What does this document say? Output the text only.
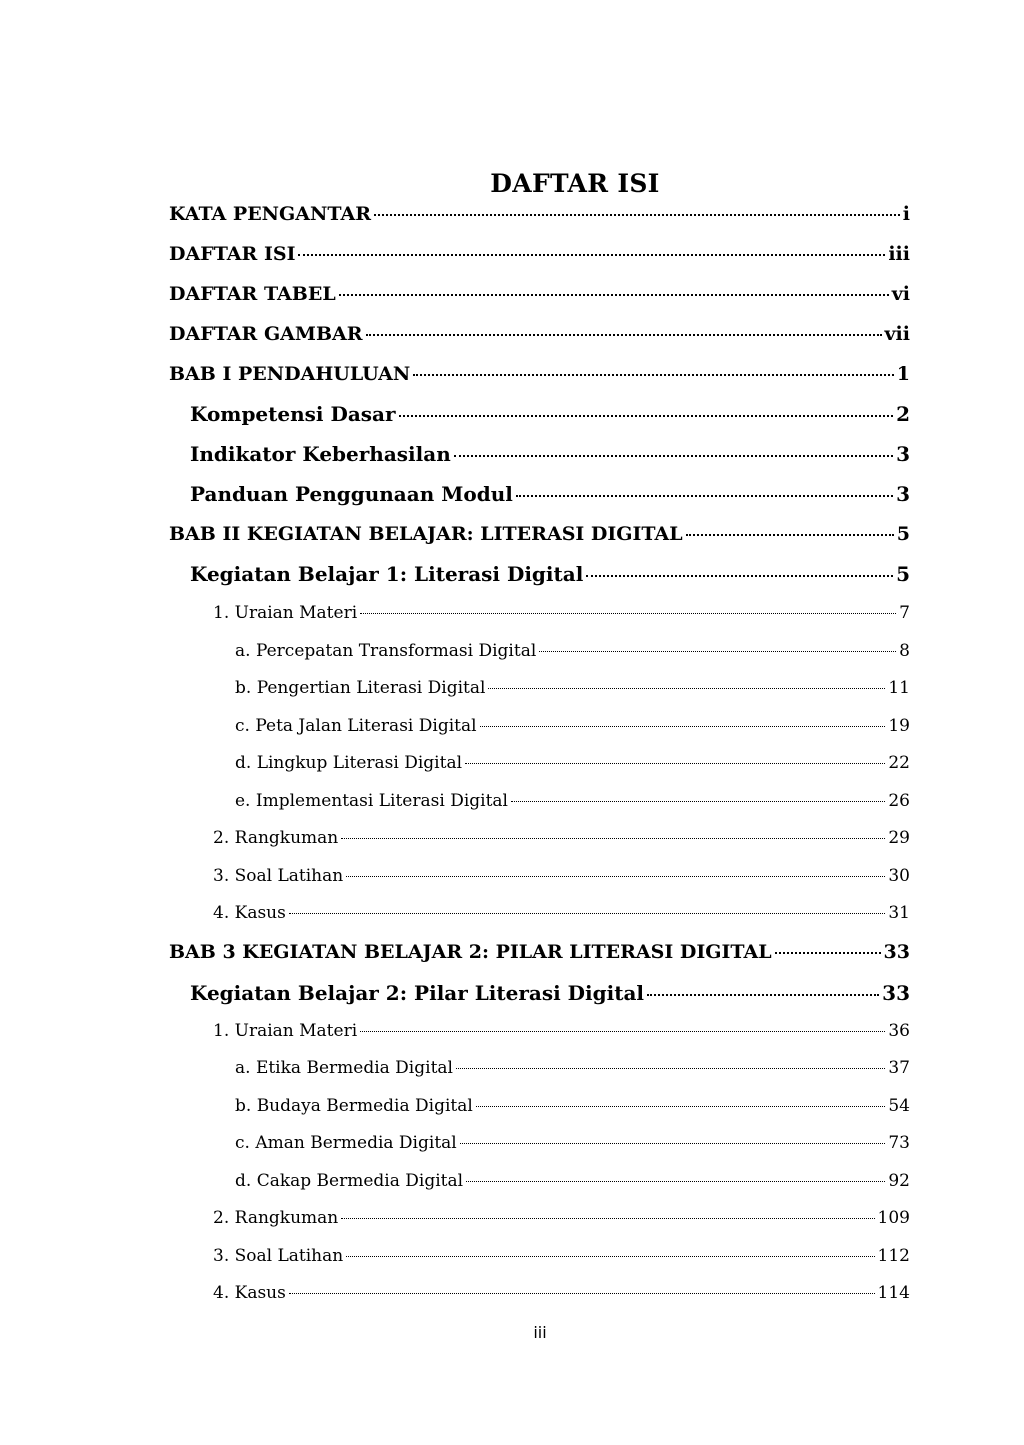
DAFTAR ISI
KATA PENGANTAR	i
DAFTAR ISI	iii
DAFTAR TABEL	vi
DAFTAR GAMBAR	vii
BAB I PENDAHULUAN	1
Kompetensi Dasar	2
Indikator Keberhasilan	3
Panduan Penggunaan Modul	3
BAB II KEGIATAN BELAJAR: LITERASI DIGITAL	5
Kegiatan Belajar 1: Literasi Digital	5
1. Uraian Materi	7
a. Percepatan Transformasi Digital	8
b. Pengertian Literasi Digital	11
c. Peta Jalan Literasi Digital	19
d. Lingkup Literasi Digital	22
e. Implementasi Literasi Digital	26
2. Rangkuman	29
3. Soal Latihan	30
4. Kasus	31
BAB 3 KEGIATAN BELAJAR 2: PILAR LITERASI DIGITAL	33
Kegiatan Belajar 2: Pilar Literasi Digital	33
1. Uraian Materi	36
a. Etika Bermedia Digital	37
b. Budaya Bermedia Digital	54
c. Aman Bermedia Digital	73
d. Cakap Bermedia Digital	92
2. Rangkuman	109
3. Soal Latihan	112
4. Kasus	114
iii
